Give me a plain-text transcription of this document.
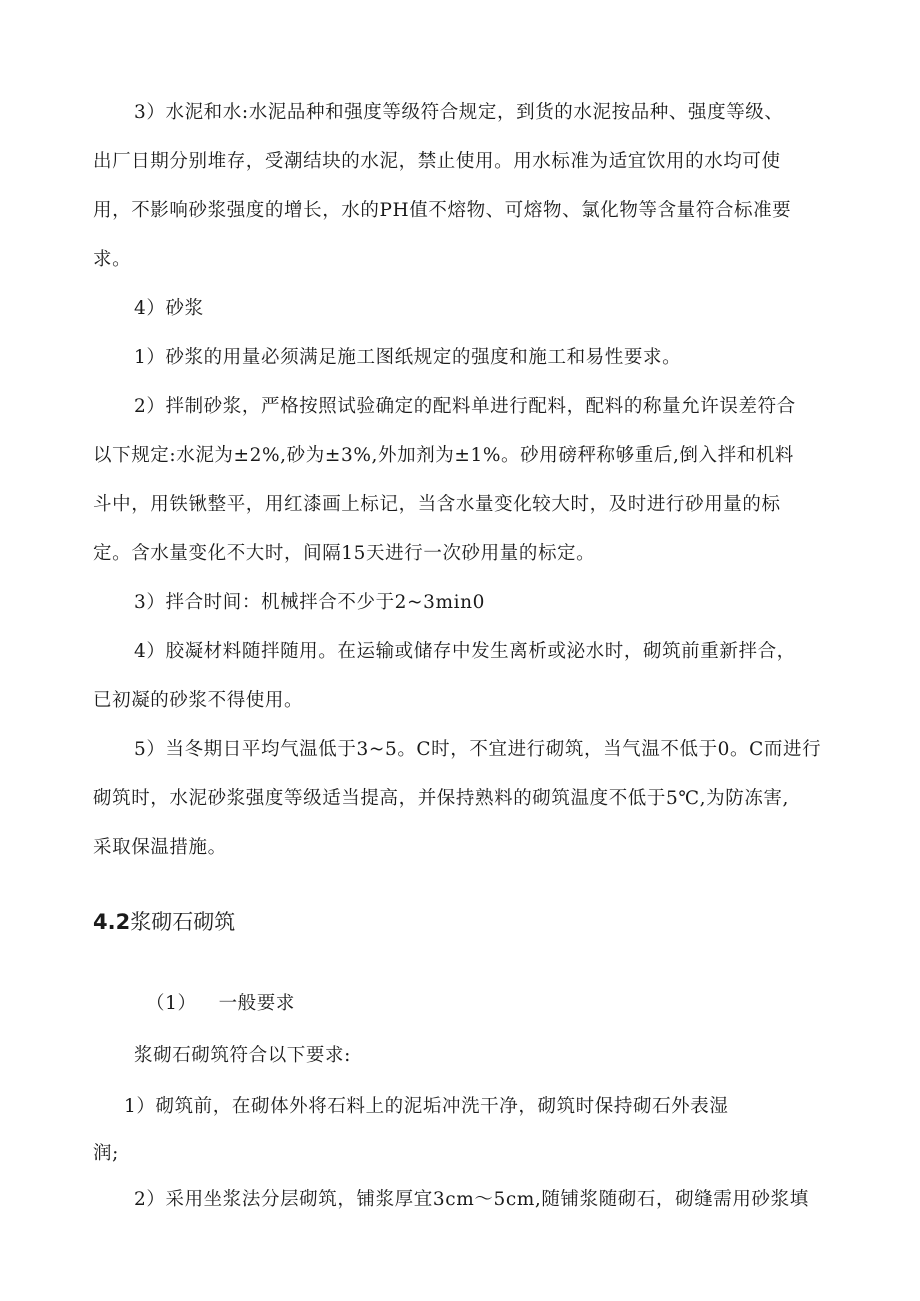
3）水泥和水:水泥品种和强度等级符合规定，到货的水泥按品种、强度等级、
出厂日期分别堆存，受潮结块的水泥，禁止使用。用水标准为适宜饮用的水均可使
用，不影响砂浆强度的增长，水的PH值不熔物、可熔物、氯化物等含量符合标准要
求。
4）砂浆
1）砂浆的用量必须满足施工图纸规定的强度和施工和易性要求。
2）拌制砂浆，严格按照试验确定的配料单进行配料，配料的称量允许误差符合
以下规定:水泥为±2%,砂为±3%,外加剂为±1%。砂用磅秤称够重后,倒入拌和机料
斗中，用铁锹整平，用红漆画上标记，当含水量变化较大时，及时进行砂用量的标
定。含水量变化不大时，间隔15天进行一次砂用量的标定。
3）拌合时间：机械拌合不少于2~3min0
4）胶凝材料随拌随用。在运输或储存中发生离析或泌水时，砌筑前重新拌合，
已初凝的砂浆不得使用。
5）当冬期日平均气温低于3~5。C时，不宜进行砌筑，当气温不低于0。C而进行
砌筑时，水泥砂浆强度等级适当提高，并保持熟料的砌筑温度不低于5℃,为防冻害,
采取保温措施。
4.2浆砌石砌筑
（1） 一般要求
浆砌石砌筑符合以下要求:
1）砌筑前，在砌体外将石料上的泥垢冲洗干净，砌筑时保持砌石外表湿
润;
2）采用坐浆法分层砌筑，铺浆厚宜3cm～5cm,随铺浆随砌石，砌缝需用砂浆填
